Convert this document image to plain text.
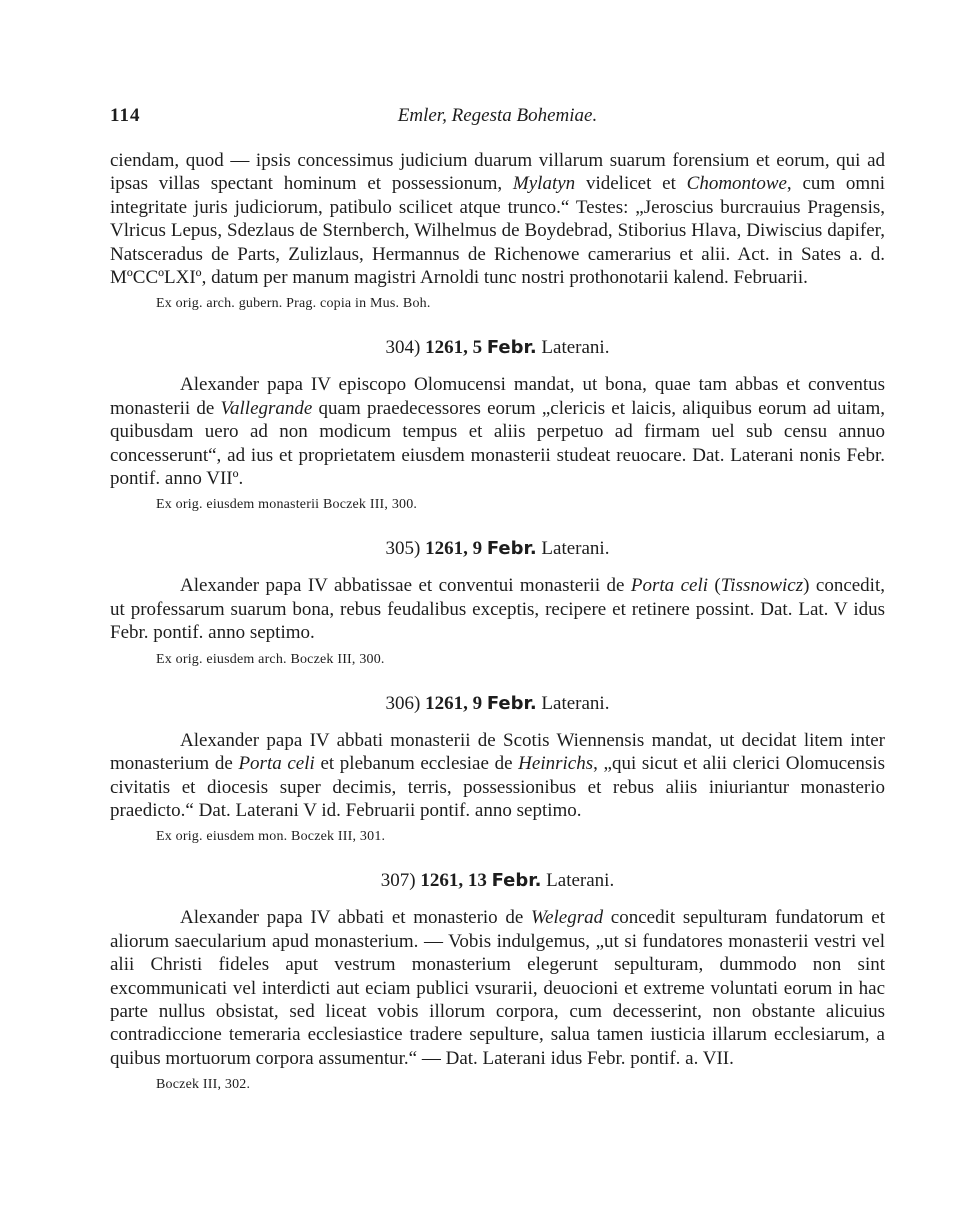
114	Emler, Regesta Bohemiae.

ciendam, quod — ipsis concessimus judicium duarum villarum suarum forensium et eorum, qui ad ipsas villas spectant hominum et possessionum, Mylatyn videlicet et Chomontowe, cum omni integritate juris judiciorum, patibulo scilicet atque trunco.“ Testes: „Jeroscius burcrauius Pragensis, Vlricus Lepus, Sdezlaus de Sternberch, Wilhelmus de Boydebrad, Stiborius Hlava, Diwiscius dapifer, Natsceradus de Parts, Zulizlaus, Hermannus de Richenowe camerarius et alii. Act. in Sates a. d. MºCCºLXIº, datum per manum magistri Arnoldi tunc nostri prothonotarii kalend. Februarii.

Ex orig. arch. gubern. Prag. copia in Mus. Boh.
304) 1261, 5 Febr. Laterani.

Alexander papa IV episcopo Olomucensi mandat, ut bona, quae tam abbas et conventus monasterii de Vallegrande quam praedecessores eorum „clericis et laicis, aliquibus eorum ad uitam, quibusdam uero ad non modicum tempus et aliis perpetuo ad firmam uel sub censu annuo concesserunt“, ad ius et proprietatem eiusdem monasterii studeat reuocare. Dat. Laterani nonis Febr. pontif. anno VIIº.

Ex orig. eiusdem monasterii Boczek III, 300.
305) 1261, 9 Febr. Laterani.

Alexander papa IV abbatissae et conventui monasterii de Porta celi (Tissnowicz) concedit, ut professarum suarum bona, rebus feudalibus exceptis, recipere et retinere possint. Dat. Lat. V idus Febr. pontif. anno septimo.

Ex orig. eiusdem arch. Boczek III, 300.
306) 1261, 9 Febr. Laterani.

Alexander papa IV abbati monasterii de Scotis Wiennensis mandat, ut decidat litem inter monasterium de Porta celi et plebanum ecclesiae de Heinrichs, „qui sicut et alii clerici Olomucensis civitatis et diocesis super decimis, terris, possessionibus et rebus aliis iniuriantur monasterio praedicto.“ Dat. Laterani V id. Februarii pontif. anno septimo.

Ex orig. eiusdem mon. Boczek III, 301.
307) 1261, 13 Febr. Laterani.

Alexander papa IV abbati et monasterio de Welegrad concedit sepulturam fundatorum et aliorum saecularium apud monasterium. — Vobis indulgemus, „ut si fundatores monasterii vestri vel alii Christi fideles aput vestrum monasterium elegerunt sepulturam, dummodo non sint excommunicati vel interdicti aut eciam publici vsurarii, deuocioni et extreme voluntati eorum in hac parte nullus obsistat, sed liceat vobis illorum corpora, cum decesserint, non obstante alicuius contradiccione temeraria ecclesiastice tradere sepulture, salua tamen iusticia illarum ecclesiarum, a quibus mortuorum corpora assumentur.“ — Dat. Laterani idus Febr. pontif. a. VII.

Boczek III, 302.
